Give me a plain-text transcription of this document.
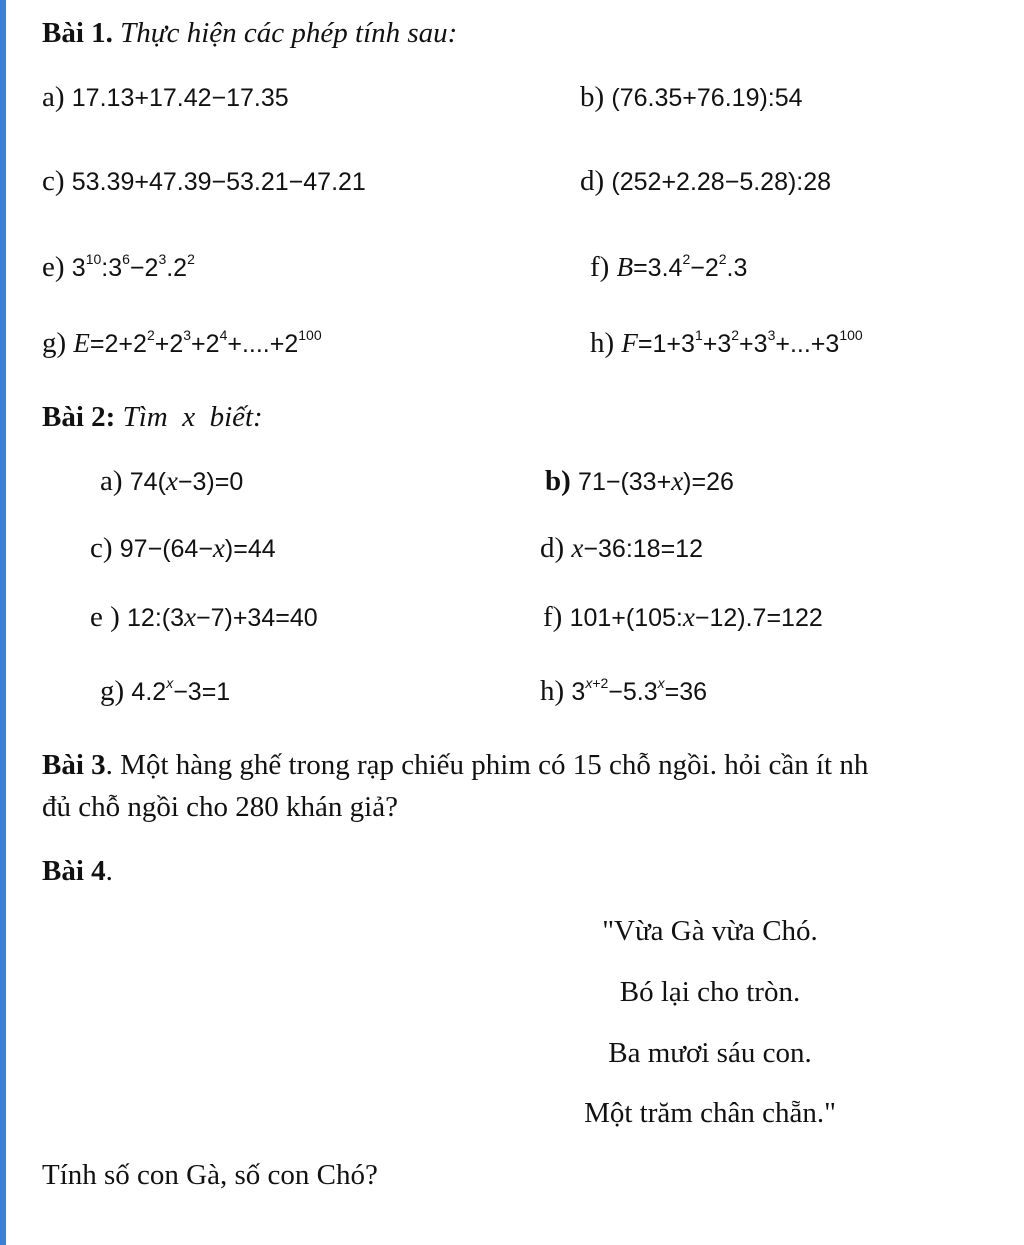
Bài 1. Thực hiện các phép tính sau:
a) 17.13+17.42−17.35	b) (76.35+76.19):54
c) 53.39+47.39−53.21−47.21	d) (252+2.28−5.28):28
e) $3^{10}:3^6-2^3.2^2$	f) $B=3.4^2-2^2.3$
g) $E=2+2^2+2^3+2^4+....+2^{100}$	h) $F=1+3^1+3^2+3^3+...+3^{100}$
Bài 2: Tìm  x  biết:
a) 74(x−3)=0	b) 71−(33+x)=26
c) 97−(64−x)=44	d) x−36:18=12
e ) 12:(3x−7)+34=40	f) 101+(105:x−12).7=122
g) $4.2^x-3=1$	h) $3^{x+2}-5.3^x=36$
Bài 3. Một hàng ghế trong rạp chiếu phim có 15 chỗ ngồi. hỏi cần ít nh
đủ chỗ ngồi cho 280 khán giả?
Bài 4.
"Vừa Gà vừa Chó.
Bó lại cho tròn.
Ba mươi sáu con.
Một trăm chân chẵn."
Tính số con Gà, số con Chó?
